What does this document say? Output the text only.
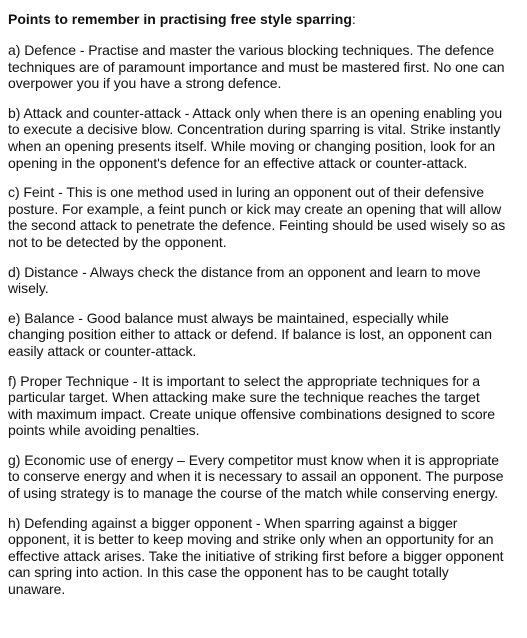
Points to remember in practising free style sparring:
a) Defence - Practise and master the various blocking techniques. The defence
techniques are of paramount importance and must be mastered first. No one can
overpower you if you have a strong defence.
b) Attack and counter-attack - Attack only when there is an opening enabling you
to execute a decisive blow. Concentration during sparring is vital. Strike instantly
when an opening presents itself. While moving or changing position, look for an
opening in the opponent's defence for an effective attack or counter-attack.
c) Feint - This is one method used in luring an opponent out of their defensive
posture. For example, a feint punch or kick may create an opening that will allow
the second attack to penetrate the defence. Feinting should be used wisely so as
not to be detected by the opponent.
d) Distance - Always check the distance from an opponent and learn to move
wisely.
e) Balance - Good balance must always be maintained, especially while
changing position either to attack or defend. If balance is lost, an opponent can
easily attack or counter-attack.
f) Proper Technique - It is important to select the appropriate techniques for a
particular target. When attacking make sure the technique reaches the target
with maximum impact. Create unique offensive combinations designed to score
points while avoiding penalties.
g) Economic use of energy – Every competitor must know when it is appropriate
to conserve energy and when it is necessary to assail an opponent. The purpose
of using strategy is to manage the course of the match while conserving energy.
h) Defending against a bigger opponent - When sparring against a bigger
opponent, it is better to keep moving and strike only when an opportunity for an
effective attack arises. Take the initiative of striking first before a bigger opponent
can spring into action. In this case the opponent has to be caught totally
unaware.
